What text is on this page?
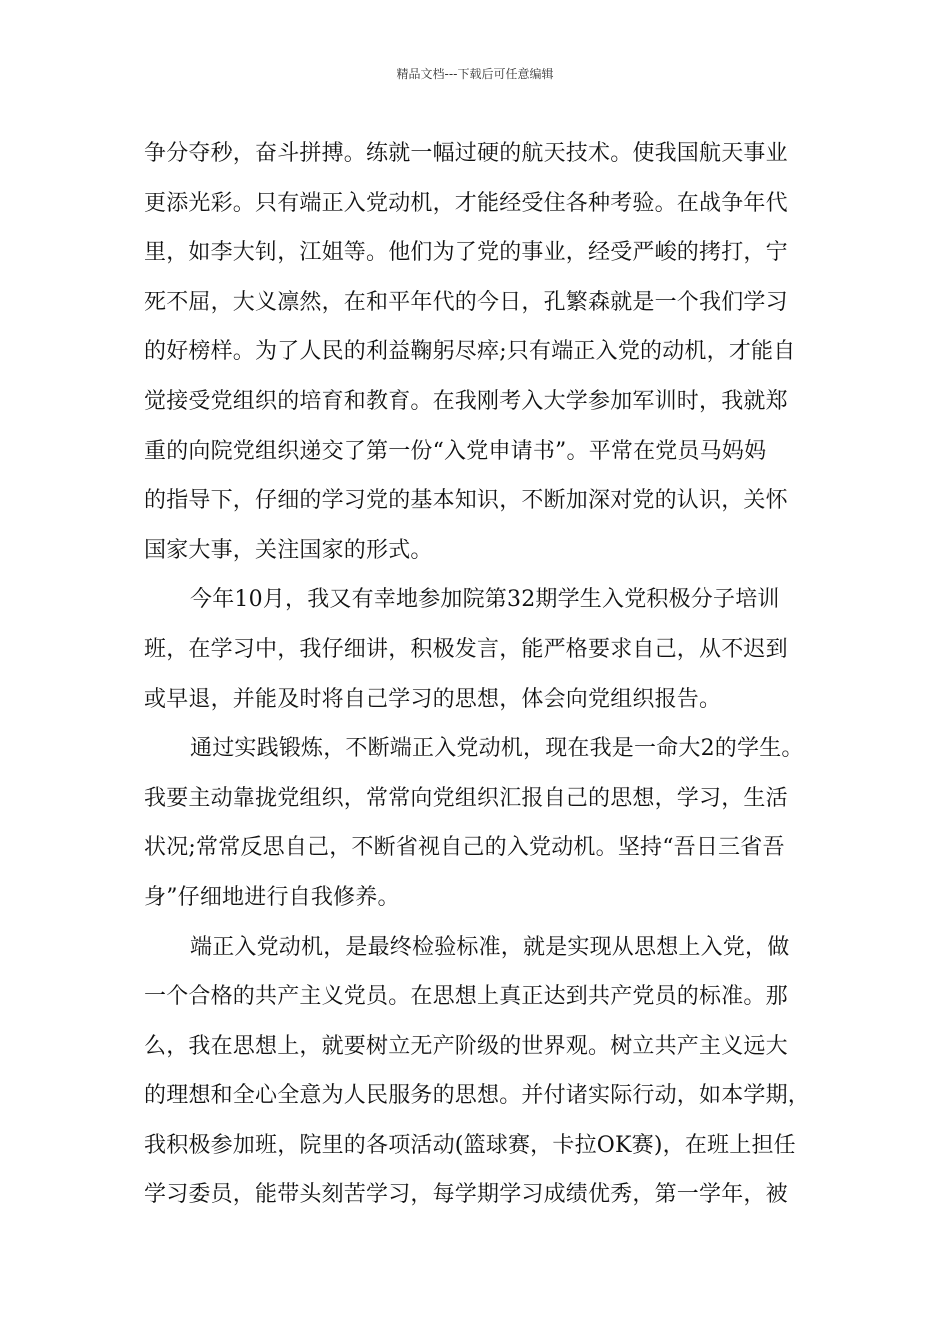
精品文档---下载后可任意编辑
争分夺秒，奋斗拼搏。练就一幅过硬的航天技术。使我国航天事业
更添光彩。只有端正入党动机，才能经受住各种考验。在战争年代
里，如李大钊，江姐等。他们为了党的事业，经受严峻的拷打，宁
死不屈，大义凛然，在和平年代的今日，孔繁森就是一个我们学习
的好榜样。为了人民的利益鞠躬尽瘁;只有端正入党的动机，才能自
觉接受党组织的培育和教育。在我刚考入大学参加军训时，我就郑
重的向院党组织递交了第一份“入党申请书”。平常在党员马妈妈
的指导下，仔细的学习党的基本知识，不断加深对党的认识，关怀
国家大事，关注国家的形式。
今年10月，我又有幸地参加院第32期学生入党积极分子培训
班，在学习中，我仔细讲，积极发言，能严格要求自己，从不迟到
或早退，并能及时将自己学习的思想，体会向党组织报告。
通过实践锻炼，不断端正入党动机，现在我是一命大2的学生。
我要主动靠拢党组织，常常向党组织汇报自己的思想，学习，生活
状况;常常反思自己，不断省视自己的入党动机。坚持“吾日三省吾
身”仔细地进行自我修养。
端正入党动机，是最终检验标准，就是实现从思想上入党，做
一个合格的共产主义党员。在思想上真正达到共产党员的标准。那
么，我在思想上，就要树立无产阶级的世界观。树立共产主义远大
的理想和全心全意为人民服务的思想。并付诸实际行动，如本学期，
我积极参加班，院里的各项活动(篮球赛，卡拉OK赛)，在班上担任
学习委员，能带头刻苦学习，每学期学习成绩优秀，第一学年，被
